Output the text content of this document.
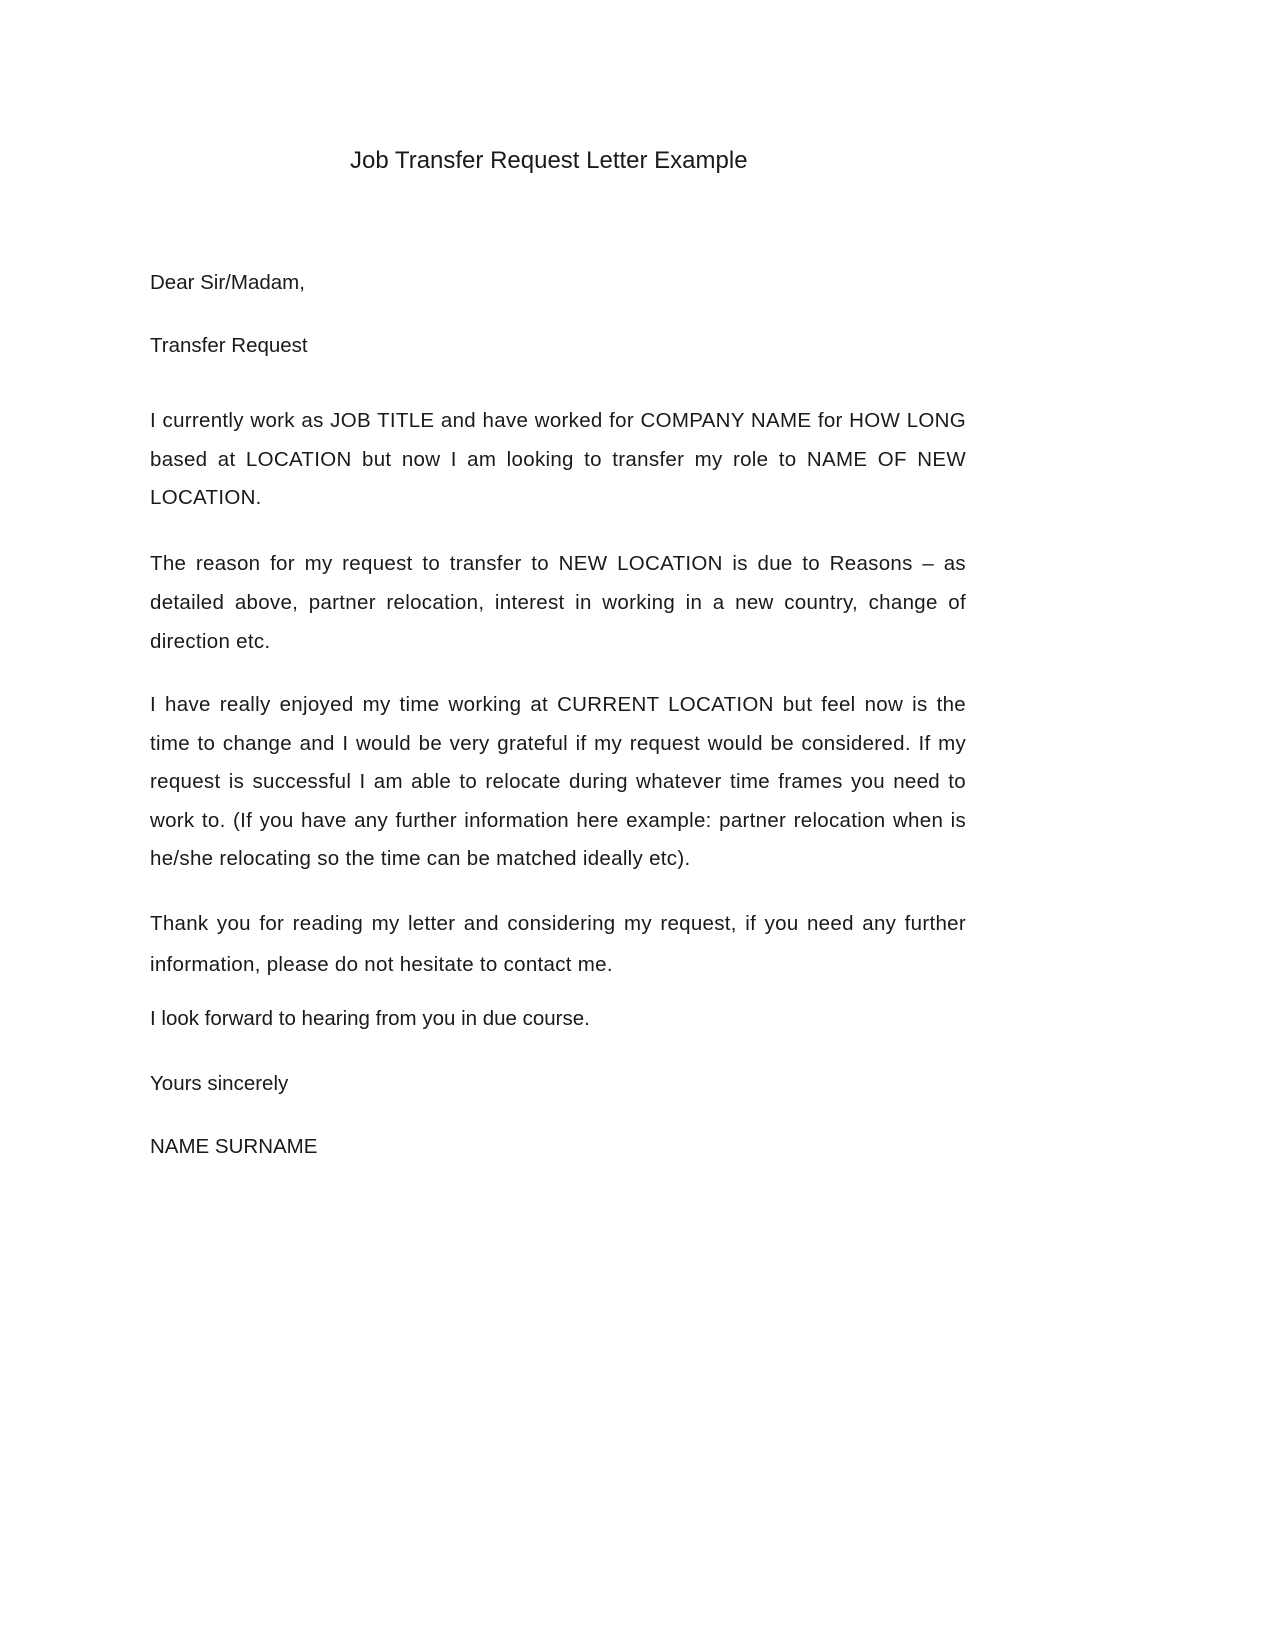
Job Transfer Request Letter Example
Dear Sir/Madam,
Transfer Request
I currently work as JOB TITLE and have worked for COMPANY NAME for HOW LONG based at LOCATION but now I am looking to transfer my role to NAME OF NEW LOCATION.
The reason for my request to transfer to NEW LOCATION is due to Reasons – as detailed above, partner relocation, interest in working in a new country, change of direction etc.
I have really enjoyed my time working at CURRENT LOCATION but feel now is the time to change and I would be very grateful if my request would be considered. If my request is successful I am able to relocate during whatever time frames you need to work to. (If you have any further information here example: partner relocation when is he/she relocating so the time can be matched ideally etc).
Thank you for reading my letter and considering my request, if you need any further information, please do not hesitate to contact me.
I look forward to hearing from you in due course.
Yours sincerely
NAME SURNAME
